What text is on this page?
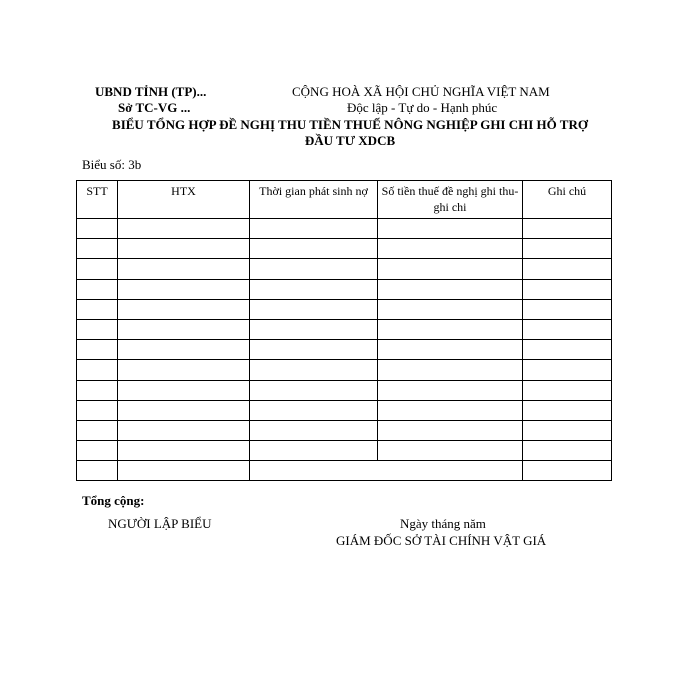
UBND TỈNH (TP)...
Sở TC-VG ...
CỘNG HOÀ XÃ HỘI CHỦ NGHĨA VIỆT NAM
Độc lập - Tự do - Hạnh phúc
BIỂU TỔNG HỢP ĐỀ NGHỊ THU TIỀN THUẾ NÔNG NGHIỆP GHI CHI HỖ TRỢ
ĐẦU TƯ XDCB
Biểu số: 3b
STT	HTX	Thời gian phát sinh nợ	Số tiền thuế đề nghị ghi thu-ghi chi	Ghi chú

Tổng cộng:
NGƯỜI LẬP BIỂU	Ngày tháng năm
GIÁM ĐỐC SỞ TÀI CHÍNH VẬT GIÁ
